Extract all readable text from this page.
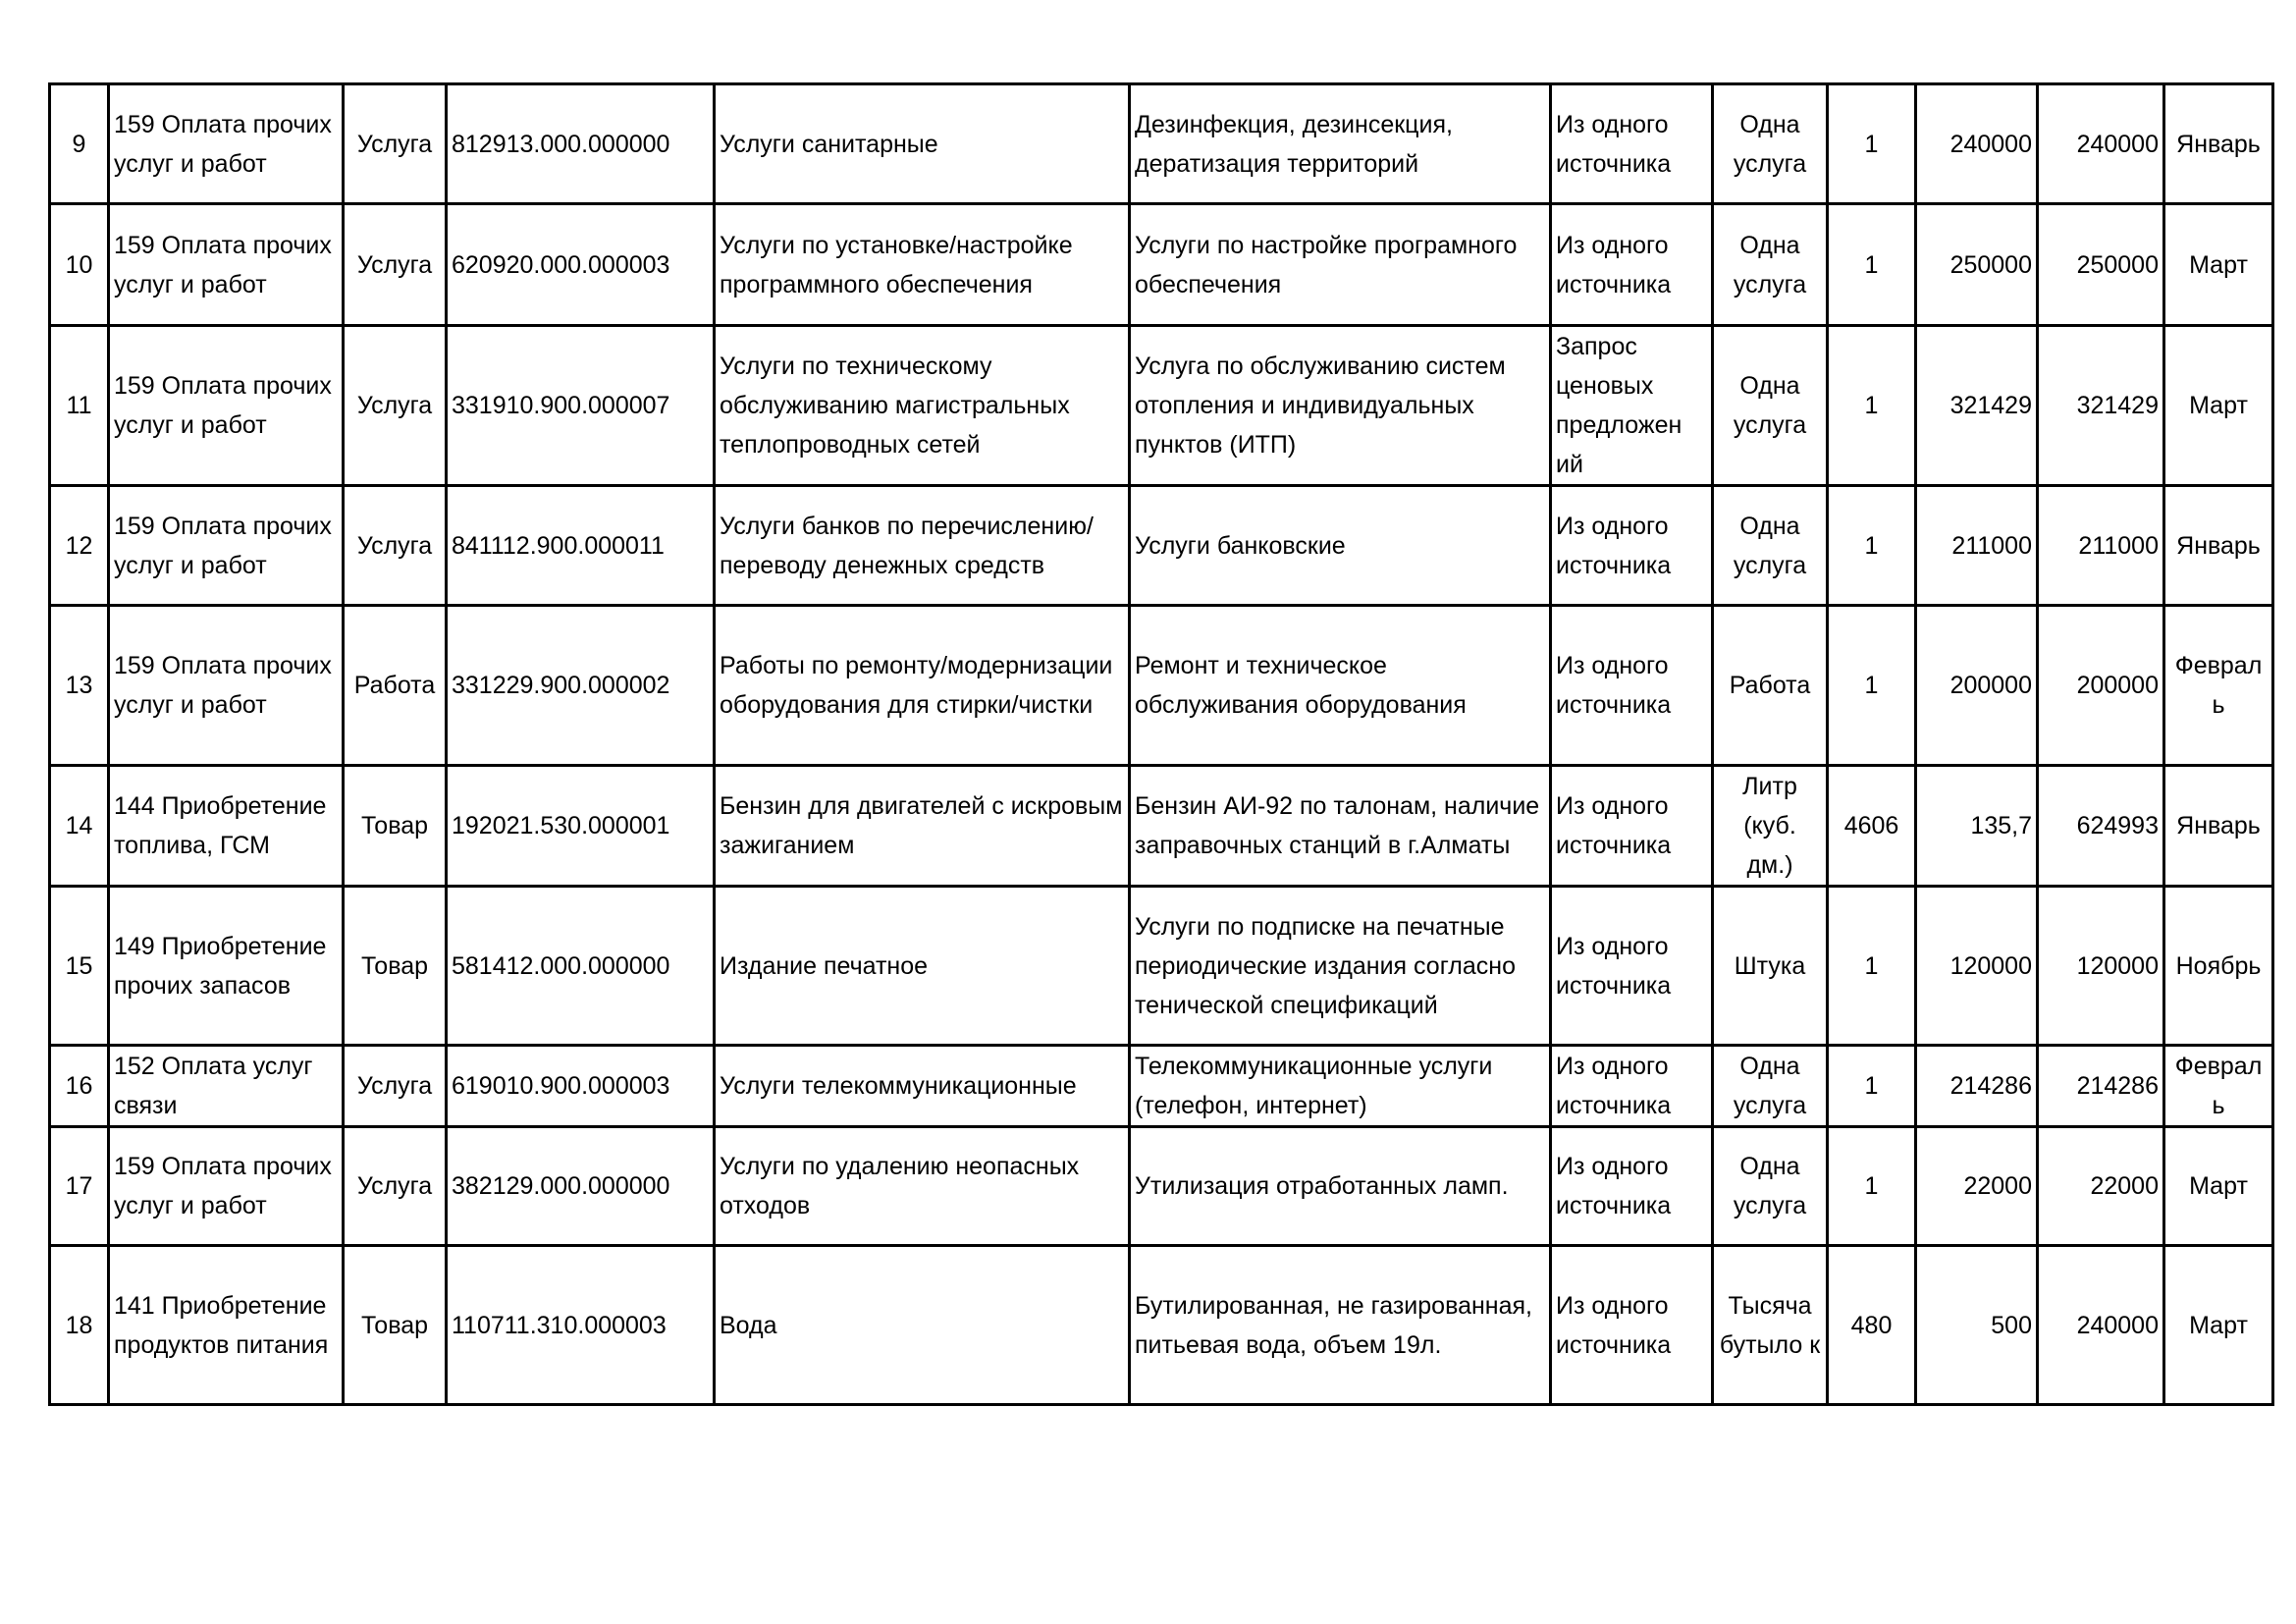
9	159 Оплата прочих услуг и работ	Услуга	812913.000.000000	Услуги санитарные	Дезинфекция, дезинсекция, дератизация территорий	Из одного источника	Одна услуга	1	240000	240000	Январь
10	159 Оплата прочих услуг и работ	Услуга	620920.000.000003	Услуги по установке/настройке программного обеспечения	Услуги по настройке програмного обеспечения	Из одного источника	Одна услуга	1	250000	250000	Март
11	159 Оплата прочих услуг и работ	Услуга	331910.900.000007	Услуги по техническому обслуживанию магистральных теплопроводных сетей	Услуга по обслуживанию систем отопления и индивидуальных пунктов (ИТП)	Запрос ценовых предложен ий	Одна услуга	1	321429	321429	Март
12	159 Оплата прочих услуг и работ	Услуга	841112.900.000011	Услуги банков по перечислению/переводу денежных средств	Услуги банковские	Из одного источника	Одна услуга	1	211000	211000	Январь
13	159 Оплата прочих услуг и работ	Работа	331229.900.000002	Работы по ремонту/модернизации оборудования для стирки/чистки	Ремонт и техническое обслуживания оборудования	Из одного источника	Работа	1	200000	200000	Февраль
14	144 Приобретение топлива, ГСМ	Товар	192021.530.000001	Бензин для двигателей с искровым зажиганием	Бензин АИ-92 по талонам, наличие заправочных станций в г.Алматы	Из одного источника	Литр (куб. дм.)	4606	135,7	624993	Январь
15	149 Приобретение прочих запасов	Товар	581412.000.000000	Издание печатное	Услуги по подписке на печатные периодические издания согласно тенической спецификаций	Из одного источника	Штука	1	120000	120000	Ноябрь
16	152 Оплата услуг связи	Услуга	619010.900.000003	Услуги телекоммуникационные	Телекоммуникационные услуги (телефон, интернет)	Из одного источника	Одна услуга	1	214286	214286	Февраль
17	159 Оплата прочих услуг и работ	Услуга	382129.000.000000	Услуги по удалению неопасных отходов	Утилизация отработанных ламп.	Из одного источника	Одна услуга	1	22000	22000	Март
18	141 Приобретение продуктов питания	Товар	110711.310.000003	Вода	Бутилированная, не газированная, питьевая вода, объем 19л.	Из одного источника	Тысяча бутыло к	480	500	240000	Март
